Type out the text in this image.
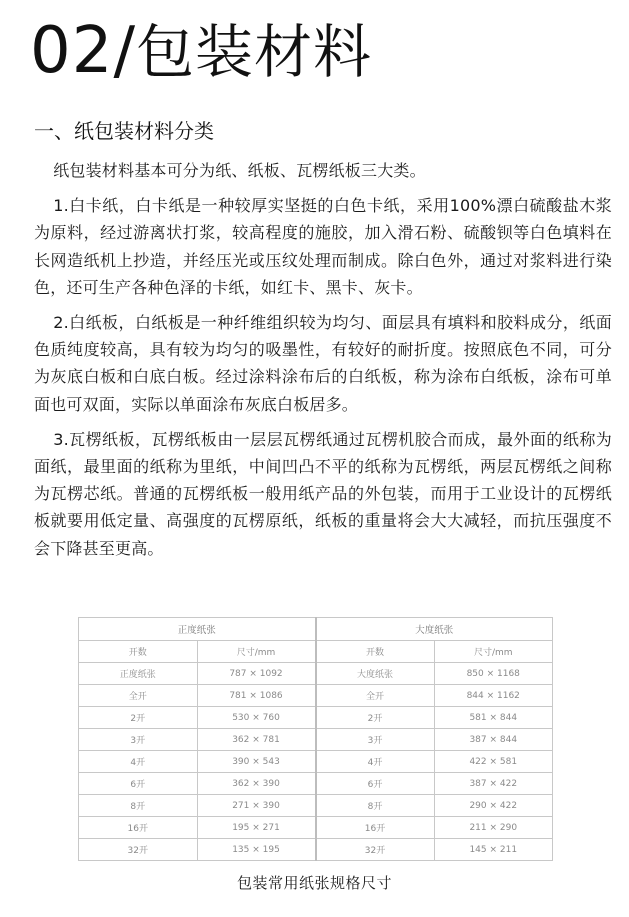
02/包装材料
一、纸包装材料分类

纸包装材料基本可分为纸、纸板、瓦楞纸板三大类。

1.白卡纸，白卡纸是一种较厚实坚挺的白色卡纸，采用100%漂白硫酸盐木浆为原料，经过游离状打浆，较高程度的施胶，加入滑石粉、硫酸钡等白色填料在长网造纸机上抄造，并经压光或压纹处理而制成。除白色外，通过对浆料进行染色，还可生产各种色泽的卡纸，如红卡、黑卡、灰卡。

2.白纸板，白纸板是一种纤维组织较为均匀、面层具有填料和胶料成分，纸面色质纯度较高，具有较为均匀的吸墨性，有较好的耐折度。按照底色不同，可分为灰底白板和白底白板。经过涂料涂布后的白纸板，称为涂布白纸板，涂布可单面也可双面，实际以单面涂布灰底白板居多。

3.瓦楞纸板，瓦楞纸板由一层层瓦楞纸通过瓦楞机胶合而成，最外面的纸称为面纸，最里面的纸称为里纸，中间凹凸不平的纸称为瓦楞纸，两层瓦楞纸之间称为瓦楞芯纸。普通的瓦楞纸板一般用纸产品的外包装，而用于工业设计的瓦楞纸板就要用低定量、高强度的瓦楞原纸，纸板的重量将会大大减轻，而抗压强度不会下降甚至更高。

正度纸张		大度纸张	
开数	尺寸/mm	开数	尺寸/mm
正度纸张	787 × 1092	大度纸张	850 × 1168
全开	781 × 1086	全开	844 × 1162
2开	530 × 760	2开	581 × 844
3开	362 × 781	3开	387 × 844
4开	390 × 543	4开	422 × 581
6开	362 × 390	6开	387 × 422
8开	271 × 390	8开	290 × 422
16开	195 × 271	16开	211 × 290
32开	135 × 195	32开	145 × 211
包装常用纸张规格尺寸
